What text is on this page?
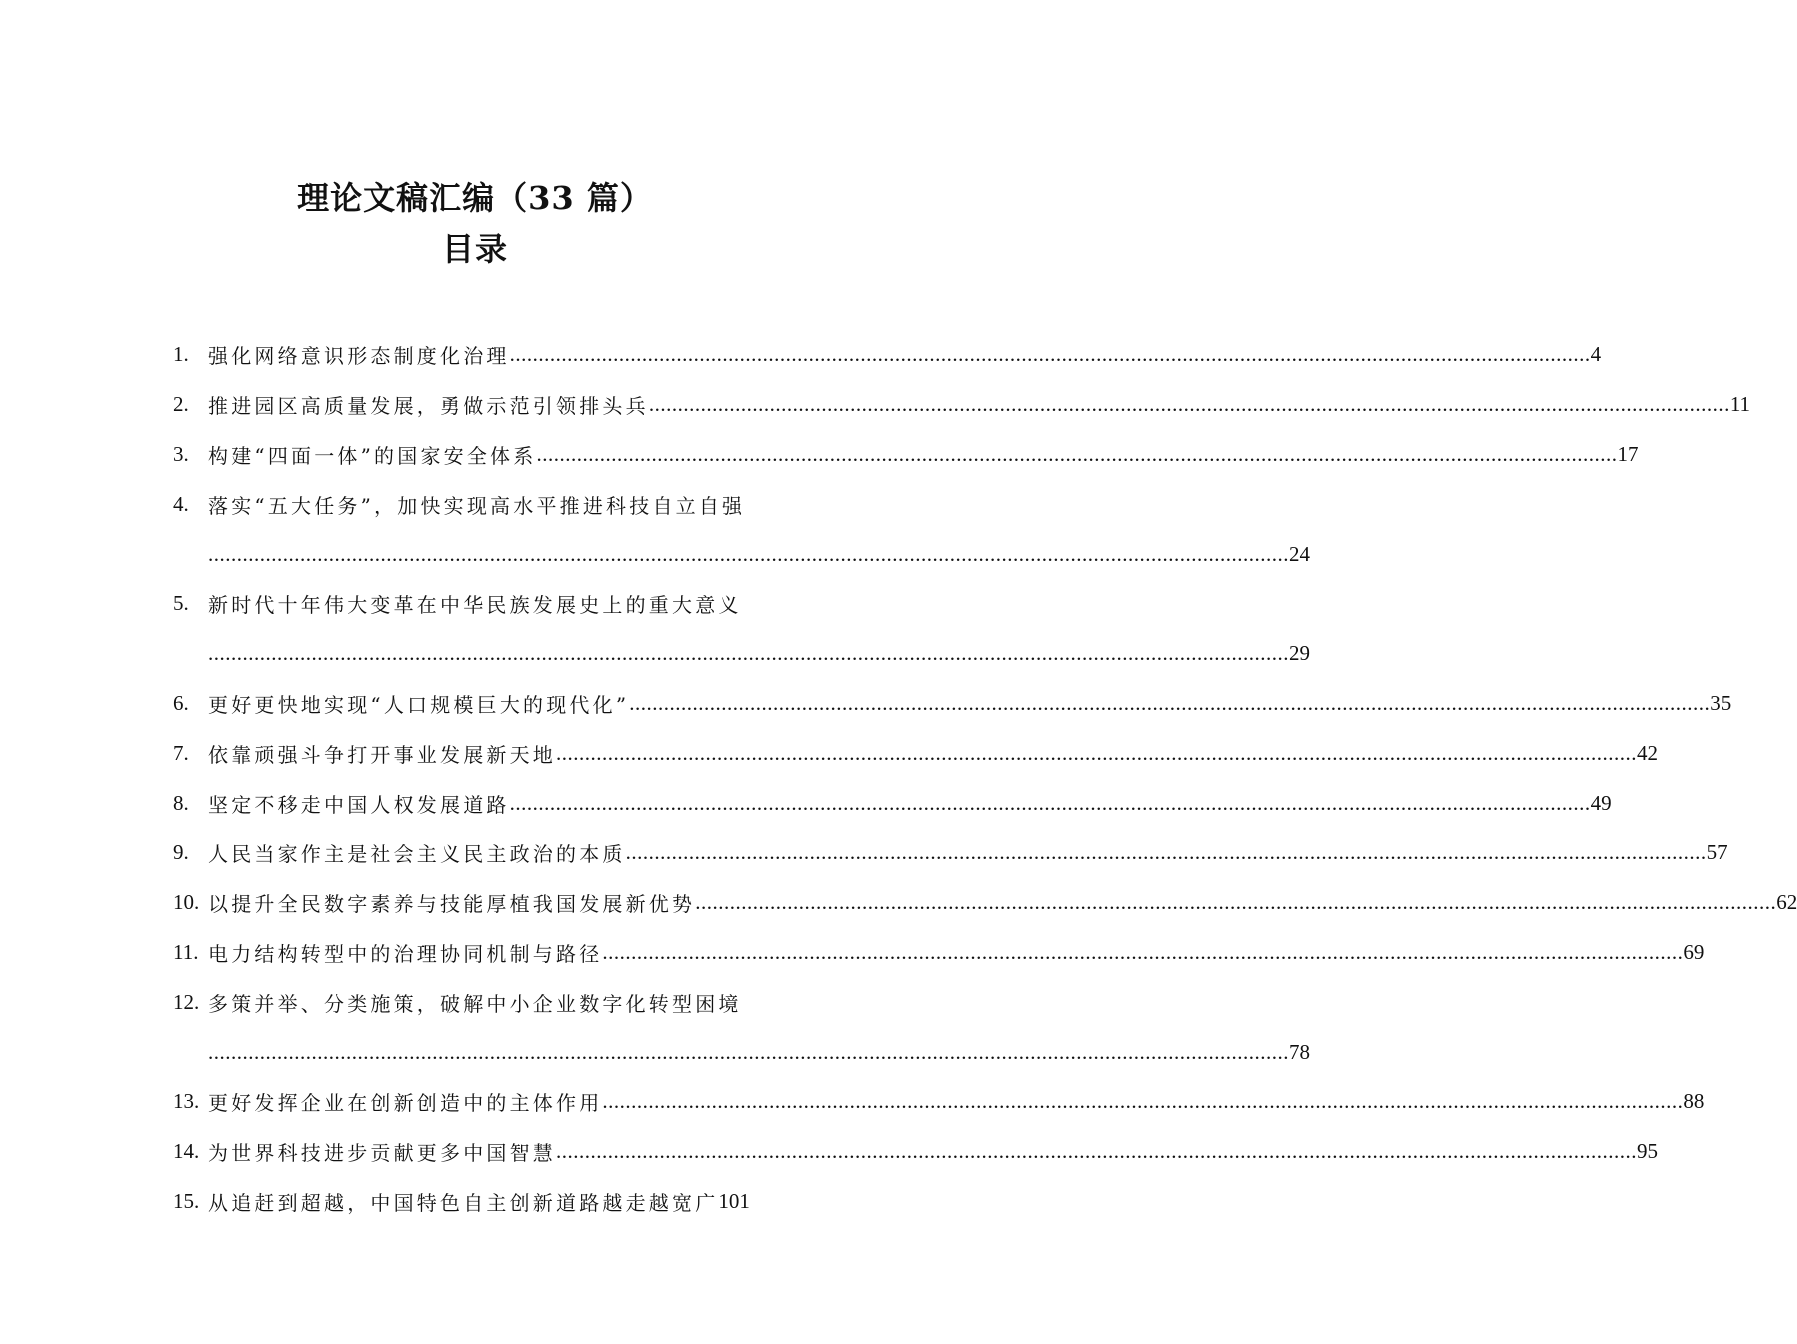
理论文稿汇编（33 篇）
目录
1. 强化网络意识形态制度化治理 ............................................................................................................................................................................................ 4
2. 推进园区高质量发展，勇做示范引领排头兵 ............................................................................................................................................................................................ 11
3. 构建“四面一体”的国家安全体系 ............................................................................................................................................................................................ 17
4. 落实“五大任务”，加快实现高水平推进科技自立自强
............................................................................................................................................................................................ 24
5. 新时代十年伟大变革在中华民族发展史上的重大意义
............................................................................................................................................................................................ 29
6. 更好更快地实现“人口规模巨大的现代化” ............................................................................................................................................................................................ 35
7. 依靠顽强斗争打开事业发展新天地 ............................................................................................................................................................................................ 42
8. 坚定不移走中国人权发展道路 ............................................................................................................................................................................................ 49
9. 人民当家作主是社会主义民主政治的本质 ............................................................................................................................................................................................ 57
10. 以提升全民数字素养与技能厚植我国发展新优势 ............................................................................................................................................................................................ 62
11. 电力结构转型中的治理协同机制与路径 ............................................................................................................................................................................................ 69
12. 多策并举、分类施策，破解中小企业数字化转型困境
............................................................................................................................................................................................ 78
13. 更好发挥企业在创新创造中的主体作用 ............................................................................................................................................................................................ 88
14. 为世界科技进步贡献更多中国智慧 ............................................................................................................................................................................................ 95
15. 从追赶到超越，中国特色自主创新道路越走越宽广 101
